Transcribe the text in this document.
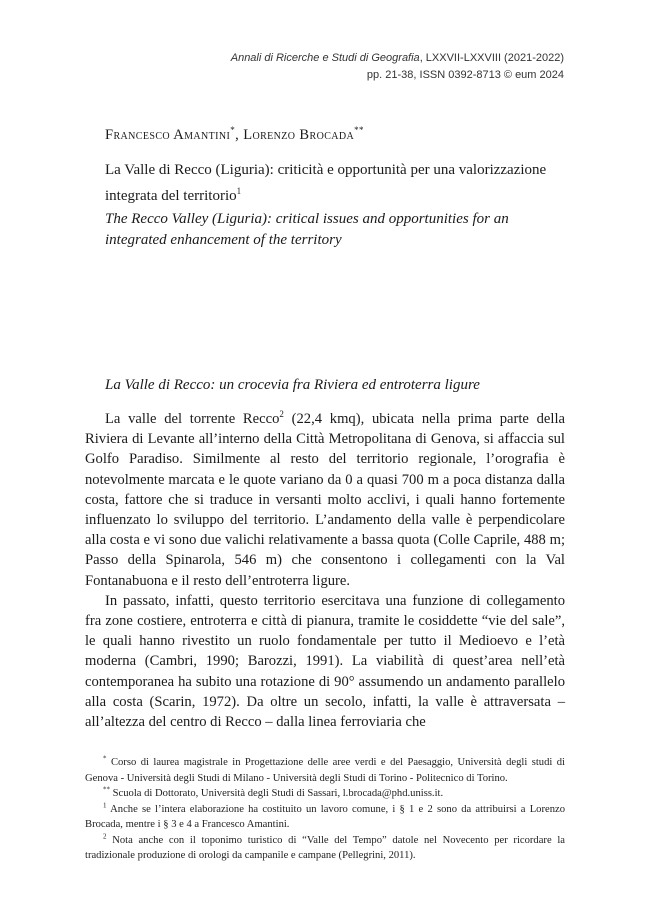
Annali di Ricerche e Studi di Geografia, LXXVII-LXXVIII (2021-2022)
pp. 21-38, ISSN 0392-8713 © eum 2024
Francesco Amantini*, Lorenzo Brocada**
La Valle di Recco (Liguria): criticità e opportunità per una valorizzazione integrata del territorio$^1$
The Recco Valley (Liguria): critical issues and opportunities for an integrated enhancement of the territory
La Valle di Recco: un crocevia fra Riviera ed entroterra ligure

La valle del torrente Recco$^2$ (22,4 kmq), ubicata nella prima parte della Riviera di Levante all’interno della Città Metropolitana di Genova, si affaccia sul Golfo Paradiso. Similmente al resto del territorio regionale, l’orografia è notevolmente marcata e le quote variano da 0 a quasi 700 m a poca distanza dalla costa, fattore che si traduce in versanti molto acclivi, i quali hanno fortemente influenzato lo sviluppo del territorio. L’andamento della valle è perpendicolare alla costa e vi sono due valichi relativamente a bassa quota (Colle Caprile, 488 m; Passo della Spinarola, 546 m) che consentono i collegamenti con la Val Fontanabuona e il resto dell’entroterra ligure.

In passato, infatti, questo territorio esercitava una funzione di collegamento fra zone costiere, entroterra e città di pianura, tramite le cosiddette “vie del sale”, le quali hanno rivestito un ruolo fondamentale per tutto il Medioevo e l’età moderna (Cambri, 1990; Barozzi, 1991). La viabilità di quest’area nell’età contemporanea ha subito una rotazione di 90° assumendo un andamento parallelo alla costa (Scarin, 1972). Da oltre un secolo, infatti, la valle è attraversata – all’altezza del centro di Recco – dalla linea ferroviaria che

* Corso di laurea magistrale in Progettazione delle aree verdi e del Paesaggio, Università degli studi di Genova - Università degli Studi di Milano - Università degli Studi di Torino - Politecnico di Torino.

** Scuola di Dottorato, Università degli Studi di Sassari, l.brocada@phd.uniss.it.

$^1$ Anche se l’intera elaborazione ha costituito un lavoro comune, i § 1 e 2 sono da attribuirsi a Lorenzo Brocada, mentre i § 3 e 4 a Francesco Amantini.

$^2$ Nota anche con il toponimo turistico di “Valle del Tempo” datole nel Novecento per ricordare la tradizionale produzione di orologi da campanile e campane (Pellegrini, 2011).
